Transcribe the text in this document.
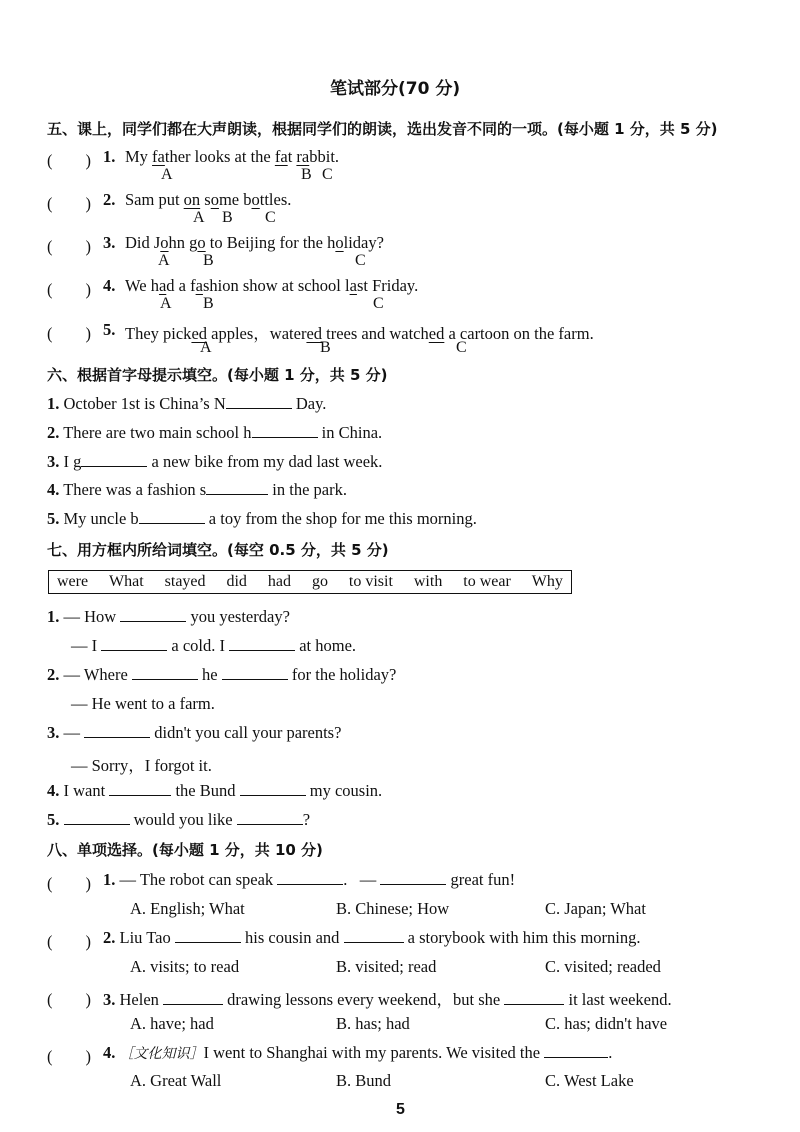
笔试部分(70 分)
五、课上，同学们都在大声朗读，根据同学们的朗读，选出发音不同的一项。(每小题 1 分，共 5 分)
(　　) 1. My father looks at the fat rabbit.
A	B C
(　　) 2. Sam put on some bottles.
A B C
(　　) 3. Did John go to Beijing for the holiday?
A B	C
(　　) 4. We had a fashion show at school last Friday.
A B	C
(　　) 5. They picked apples，watered trees and watched a cartoon on the farm.
A	B	C
六、根据首字母提示填空。(每小题 1 分，共 5 分)
1. October 1st is China’s N	Day.
2. There are two main school h	in China.
3. I g	a new bike from my dad last week.
4. There was a fashion s	in the park.
5. My uncle b	a toy from the shop for me this morning.
七、用方框内所给词填空。(每空 0.5 分，共 5 分)
were What stayed did had go to visit with to wear Why
1. — How	you yesterday?
— I	a cold. I	at home.
2. — Where	he	for the holiday?
— He went to a farm.
3. —	didn't you call your parents?
— Sorry，I forgot it.
4. I want	the Bund	my cousin.
5.	would you like	?
八、单项选择。(每小题 1 分，共 10 分)
(　　) 1. — The robot can speak	. —	great fun!
A. English; What	B. Chinese; How	C. Japan; What
(　　) 2. Liu Tao	his cousin and	a storybook with him this morning.
A. visits; to read	B. visited; read	C. visited; readed
(　　) 3. Helen	drawing lessons every weekend，but she	it last weekend.
A. have; had	B. has; had	C. has; didn't have
(　　) 4. ［文化知识］I went to Shanghai with my parents. We visited the	.
A. Great Wall	B. Bund	C. West Lake
5
